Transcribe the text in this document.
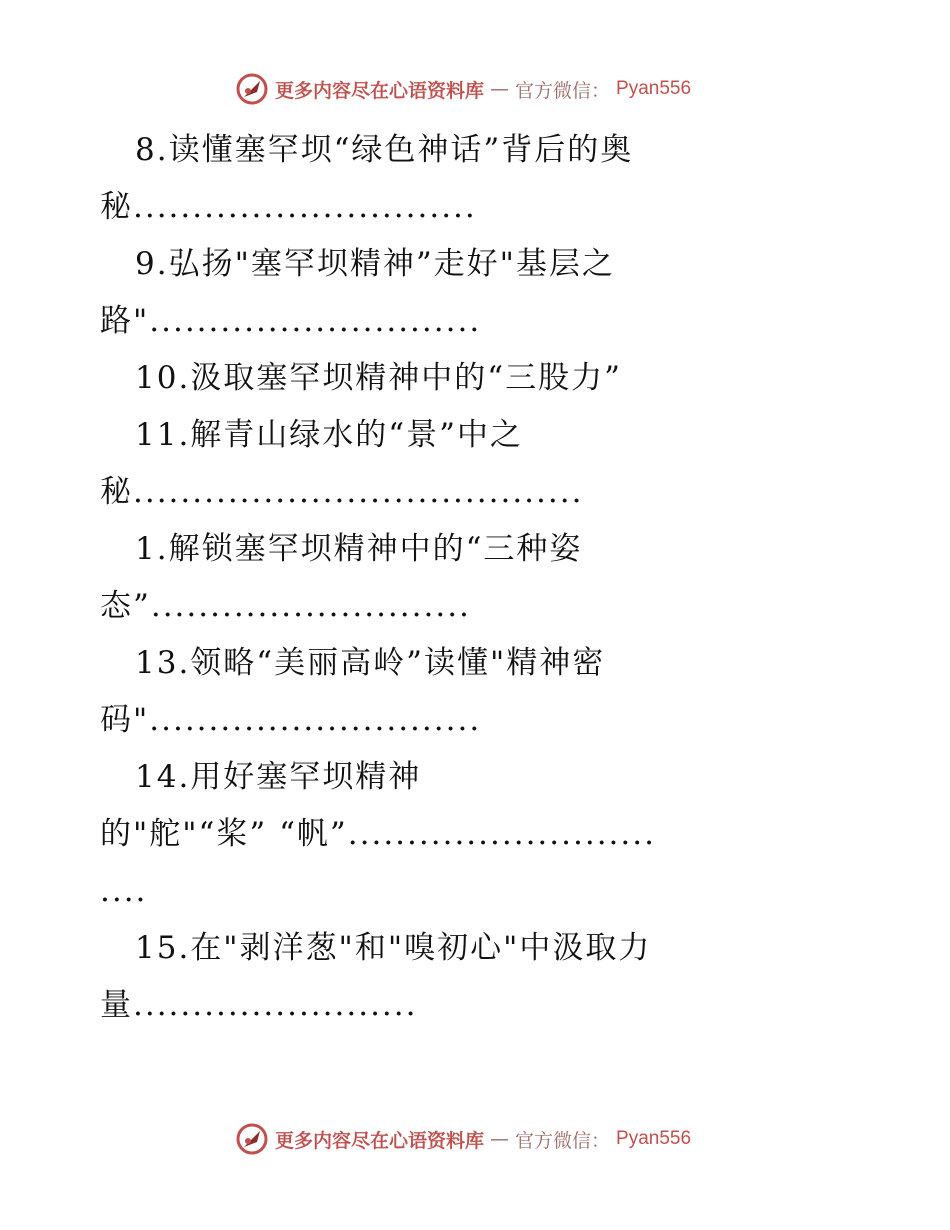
更多内容尽在心语资料库 — 官方微信： Pyan556
8.读懂塞罕坝“绿色神话”背后的奥
秘.............................
9.弘扬"塞罕坝精神”走好"基层之
路"............................
10.汲取塞罕坝精神中的“三股力”
11.解青山绿水的“景”中之
秘......................................
1.解锁塞罕坝精神中的“三种姿
态”...........................
13.领略“美丽高岭”读懂"精神密
码"............................
14.用好塞罕坝精神
的"舵"“桨” “帆”..........................
....
15.在"剥洋葱"和"嗅初心"中汲取力
量........................
更多内容尽在心语资料库 — 官方微信： Pyan556
